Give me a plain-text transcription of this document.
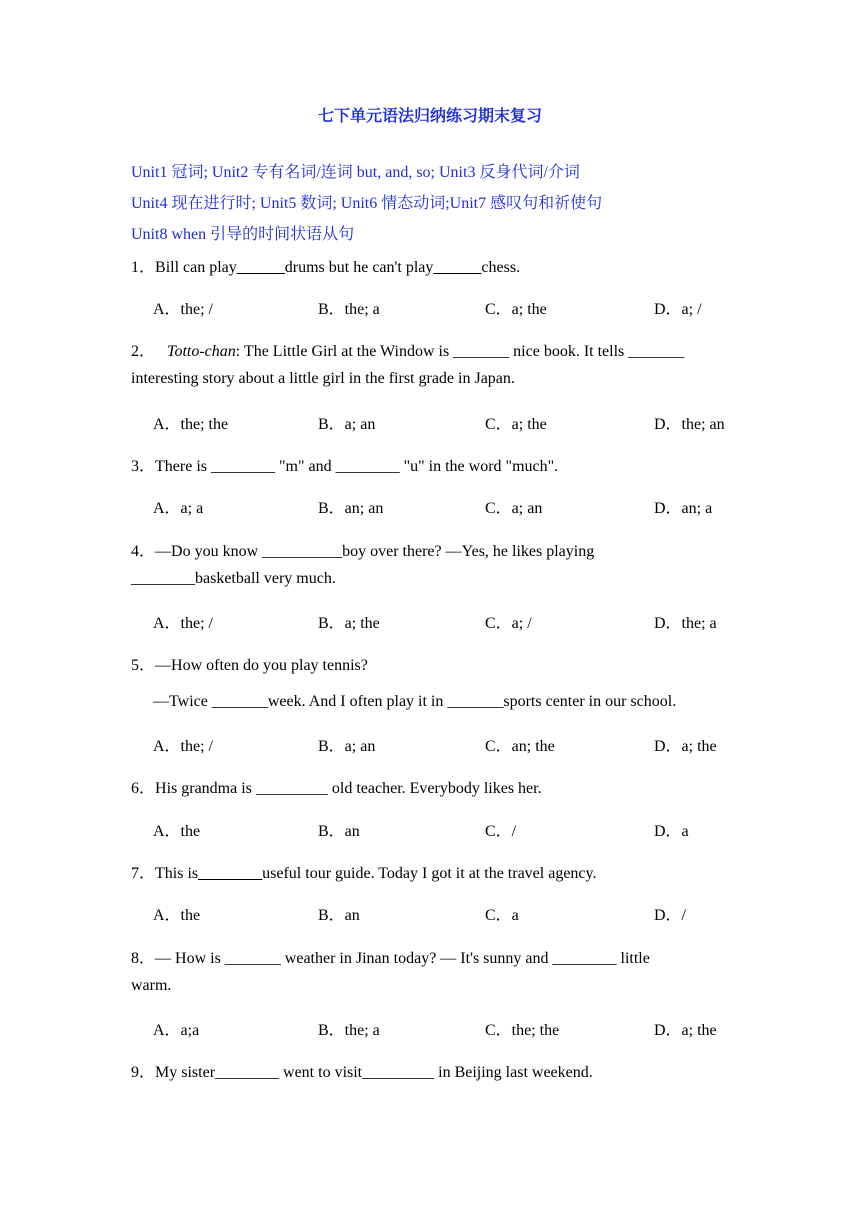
七下单元语法归纳练习期末复习
Unit1 冠词; Unit2 专有名词/连词 but, and, so; Unit3 反身代词/介词
Unit4 现在进行时; Unit5 数词; Unit6 情态动词;Unit7 感叹句和祈使句
Unit8 when 引导的时间状语从句
1．Bill can play______drums but he can't play______chess.
A．the; /	B．the; a	C．a; the	D．a; /
2． Totto-chan: The Little Girl at the Window is _______ nice book. It tells _______
interesting story about a little girl in the first grade in Japan.
A．the; the	B．a; an	C．a; the	D．the; an
3．There is ________ "m" and ________ "u" in the word "much".
A．a; a	B．an; an	C．a; an	D．an; a
4．—Do you know __________boy over there? —Yes, he likes playing
________basketball very much.
A．the; /	B．a; the	C．a; /	D．the; a
5．—How often do you play tennis?
—Twice _______week. And I often play it in _______sports center in our school.
A．the; /	B．a; an	C．an; the	D．a; the
6．His grandma is _________ old teacher. Everybody likes her.
A．the	B．an	C．/	D．a
7．This is________useful tour guide. Today I got it at the travel agency.
A．the	B．an	C．a	D．/
8．— How is _______ weather in Jinan today? — It's sunny and ________ little
warm.
A．a;a	B．the; a	C．the; the	D．a; the
9．My sister________ went to visit_________ in Beijing last weekend.
